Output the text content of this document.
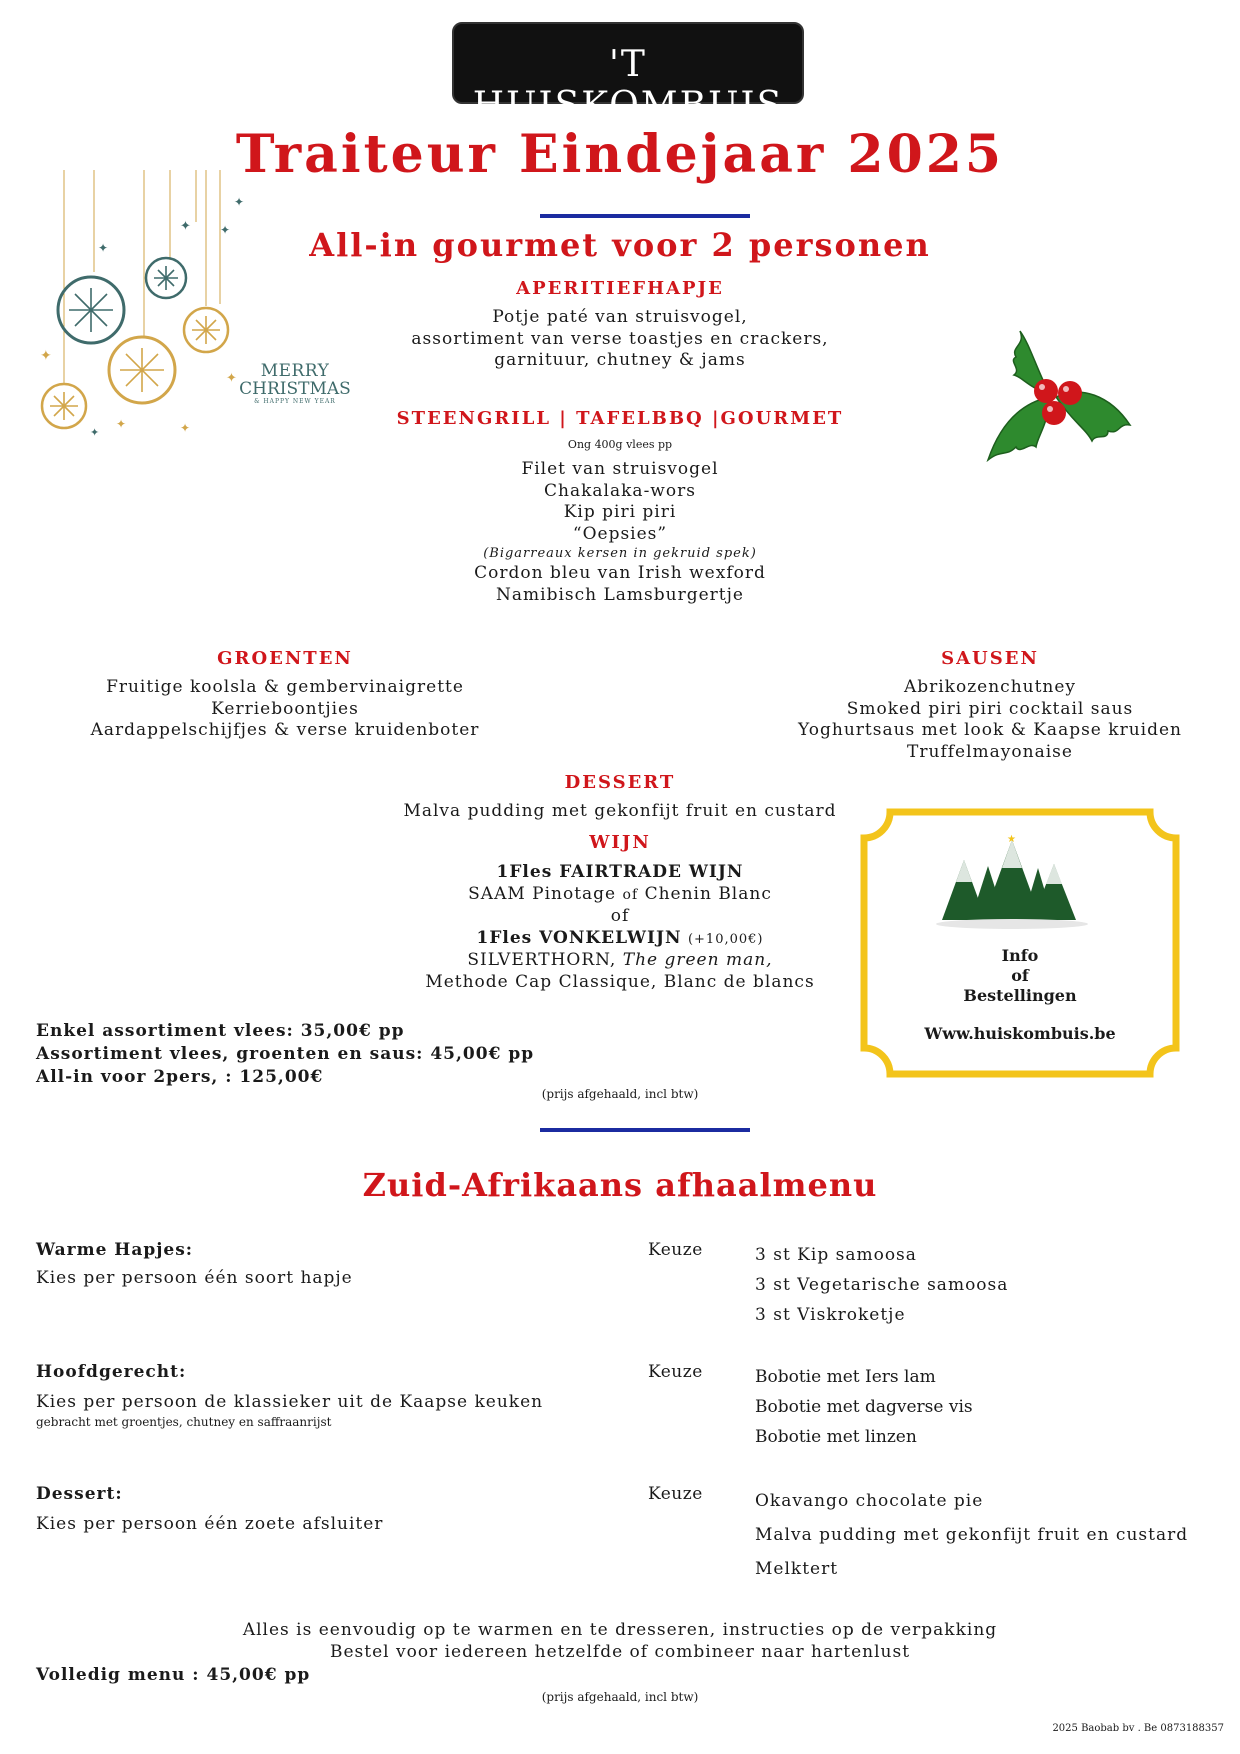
'T HUISKOMBUIS
Traiteur Eindejaar 2025
✦
✦	✦
✦
✦
✦
✦
✦
✦
MERRY
CHRISTMAS
& HAPPY NEW YEAR
All-in gourmet voor 2 personen
APERITIEFHAPJE
Potje paté van struisvogel,
assortiment van verse toastjes en crackers,
garnituur, chutney & jams
STEENGRILL | TAFELBBQ |GOURMET
Ong 400g vlees pp
Filet van struisvogel
Chakalaka-wors
Kip piri piri
“Oepsies”
(Bigarreaux kersen in gekruid spek)
Cordon bleu van Irish wexford
Namibisch Lamsburgertje
GROENTEN
Fruitige koolsla & gembervinaigrette
Kerrieboontjies
Aardappelschijfjes & verse kruidenboter
SAUSEN
Abrikozenchutney
Smoked piri piri cocktail saus
Yoghurtsaus met look & Kaapse kruiden
Truffelmayonaise
DESSERT
Malva pudding met gekonfijt fruit en custard
WIJN
1Fles FAIRTRADE WIJN
SAAM Pinotage of Chenin Blanc
of
1Fles VONKELWIJN (+10,00€)
SILVERTHORN, The green man,
Methode Cap Classique, Blanc de blancs
★
Info
of
Bestellingen
Www.huiskombuis.be
Enkel assortiment vlees: 35,00€ pp
Assortiment vlees, groenten en saus: 45,00€ pp
All-in voor 2pers, : 125,00€
(prijs afgehaald, incl btw)
Zuid-Afrikaans afhaalmenu
Warme Hapjes:
Kies per persoon één soort hapje
Keuze	3 st Kip samoosa
3 st Vegetarische samoosa
3 st Viskroketje
Hoofdgerecht:
Kies per persoon de klassieker uit de Kaapse keuken
gebracht met groentjes, chutney en saffraanrijst
Keuze	Bobotie met Iers lam
Bobotie met dagverse vis
Bobotie met linzen
Dessert:
Kies per persoon één zoete afsluiter
Keuze	Okavango chocolate pie
Malva pudding met gekonfijt fruit en custard
Melktert
Alles is eenvoudig op te warmen en te dresseren, instructies op de verpakking
Bestel voor iedereen hetzelfde of combineer naar hartenlust
Volledig menu : 45,00€ pp
(prijs afgehaald, incl btw)
2025 Baobab bv . Be 0873188357
